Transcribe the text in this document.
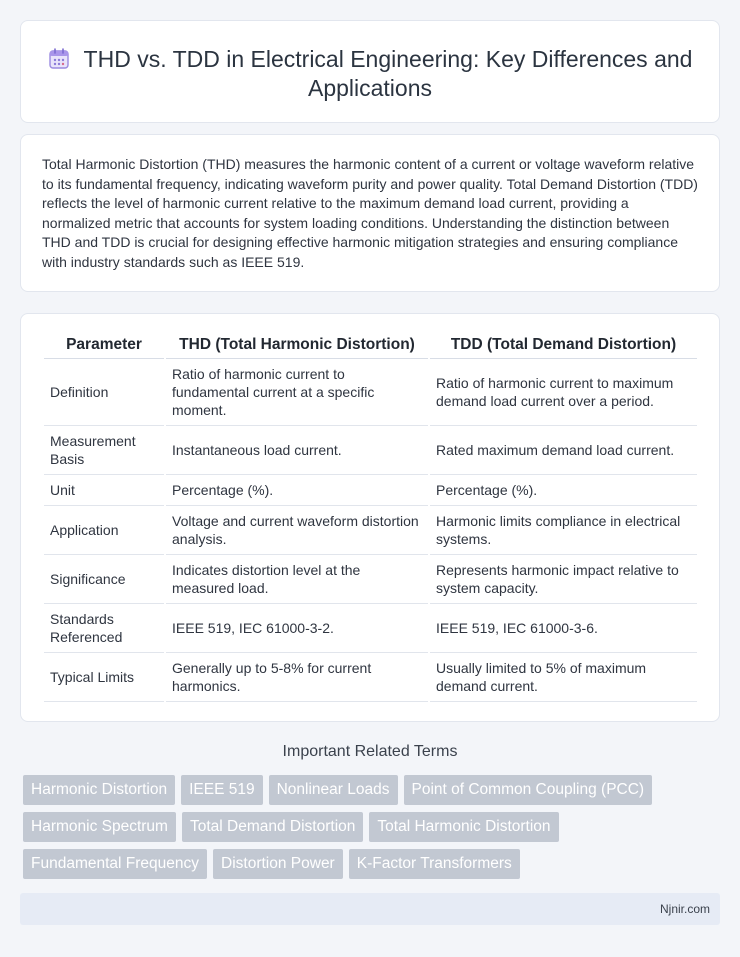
THD vs. TDD in Electrical Engineering: Key Differences and Applications

Total Harmonic Distortion (THD) measures the harmonic content of a current or voltage waveform relative to its fundamental frequency, indicating waveform purity and power quality. Total Demand Distortion (TDD) reflects the level of harmonic current relative to the maximum demand load current, providing a normalized metric that accounts for system loading conditions. Understanding the distinction between THD and TDD is crucial for designing effective harmonic mitigation strategies and ensuring compliance with industry standards such as IEEE 519.

Parameter	THD (Total Harmonic Distortion)	TDD (Total Demand Distortion)
Definition	Ratio of harmonic current to fundamental current at a specific moment.	Ratio of harmonic current to maximum demand load current over a period.
Measurement Basis	Instantaneous load current.	Rated maximum demand load current.
Unit	Percentage (%).	Percentage (%).
Application	Voltage and current waveform distortion analysis.	Harmonic limits compliance in electrical systems.
Significance	Indicates distortion level at the measured load.	Represents harmonic impact relative to system capacity.
Standards Referenced	IEEE 519, IEC 61000-3-2.	IEEE 519, IEC 61000-3-6.
Typical Limits	Generally up to 5-8% for current harmonics.	Usually limited to 5% of maximum demand current.
Important Related Terms
Harmonic Distortion	IEEE 519	Nonlinear Loads	Point of Common Coupling (PCC)
Harmonic Spectrum	Total Demand Distortion	Total Harmonic Distortion
Fundamental Frequency	Distortion Power	K-Factor Transformers
Njnir.com
